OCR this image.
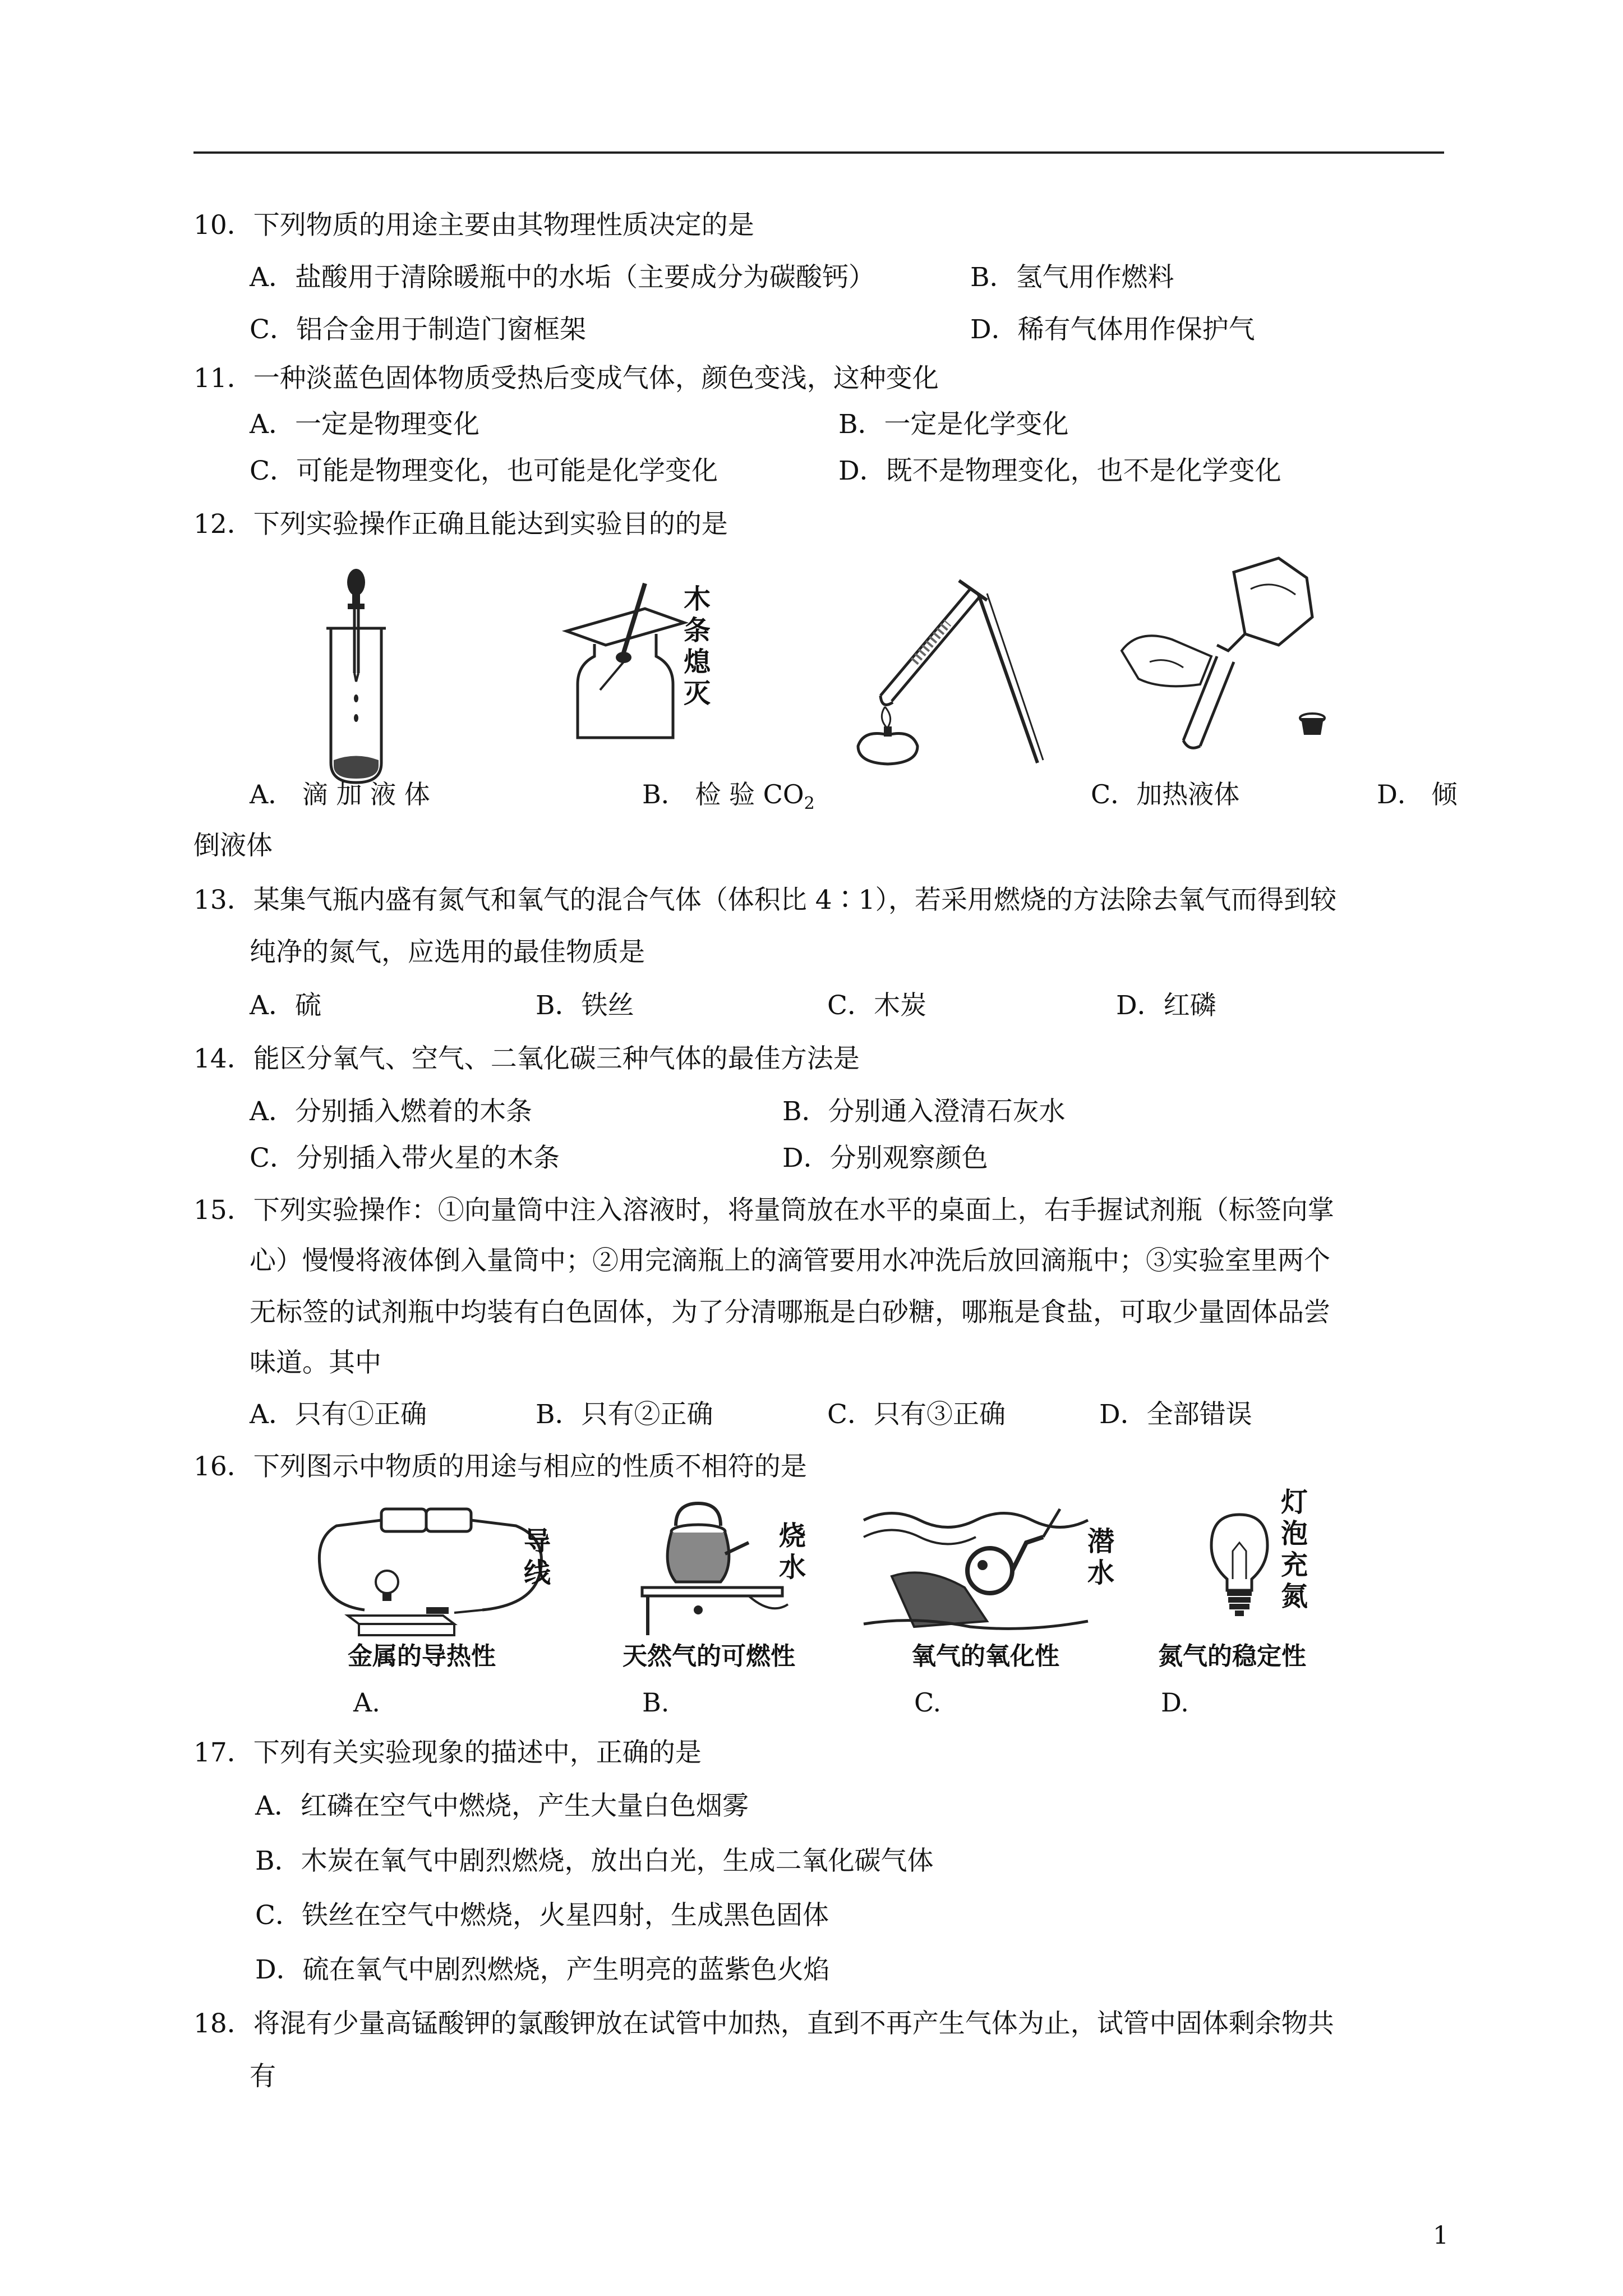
10．下列物质的用途主要由其物理性质决定的是
A．盐酸用于清除暖瓶中的水垢（主要成分为碳酸钙）	B．氢气用作燃料
C．铝合金用于制造门窗框架	D．稀有气体用作保护气
11．一种淡蓝色固体物质受热后变成气体，颜色变浅，这种变化
A．一定是物理变化	B．一定是化学变化
C．可能是物理变化，也可能是化学变化	D．既不是物理变化，也不是化学变化
12．下列实验操作正确且能达到实验目的的是
木
条
熄
灭
A． 滴 加 液 体	B． 检 验 $CO_2$	C．加热液体	D． 倾
倒液体
13．某集气瓶内盛有氮气和氧气的混合气体（体积比 4∶1），若采用燃烧的方法除去氧气而得到较
纯净的氮气，应选用的最佳物质是
A．硫	B．铁丝	C．木炭	D．红磷
14．能区分氧气、空气、二氧化碳三种气体的最佳方法是
A．分别插入燃着的木条	B．分别通入澄清石灰水
C．分别插入带火星的木条	D．分别观察颜色
15．下列实验操作：①向量筒中注入溶液时，将量筒放在水平的桌面上，右手握试剂瓶（标签向掌
心）慢慢将液体倒入量筒中；②用完滴瓶上的滴管要用水冲洗后放回滴瓶中；③实验室里两个
无标签的试剂瓶中均装有白色固体，为了分清哪瓶是白砂糖，哪瓶是食盐，可取少量固体品尝
味道。其中
A．只有①正确	B．只有②正确	C．只有③正确	D．全部错误
16．下列图示中物质的用途与相应的性质不相符的是
导
线
烧
水
潜
水
灯
泡
充
氮
金属的导热性	天然气的可燃性	氧气的氧化性	氮气的稳定性
A.	B.	C.	D.
17．下列有关实验现象的描述中，正确的是
A．红磷在空气中燃烧，产生大量白色烟雾
B．木炭在氧气中剧烈燃烧，放出白光，生成二氧化碳气体
C．铁丝在空气中燃烧，火星四射，生成黑色固体
D．硫在氧气中剧烈燃烧，产生明亮的蓝紫色火焰
18．将混有少量高锰酸钾的氯酸钾放在试管中加热，直到不再产生气体为止，试管中固体剩余物共
有
1
